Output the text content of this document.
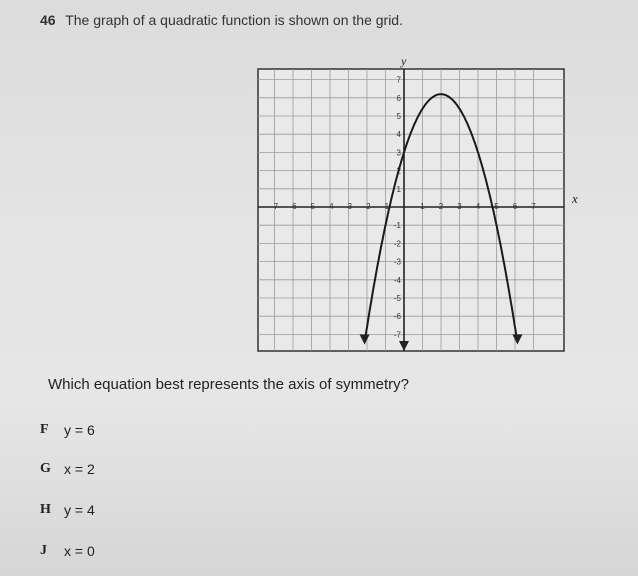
46 The graph of a quadratic function is shown on the grid.
x
y
-7 -6 -5 -4 -3 -2 -1	1 2 3 4 5 6 7
7
6
5
4
3
2
1
-1
-2
-3
-4
-5
-6
-7
Which equation best represents the axis of symmetry?
F	y = 6
G x = 2
H y = 4
J	x = 0
